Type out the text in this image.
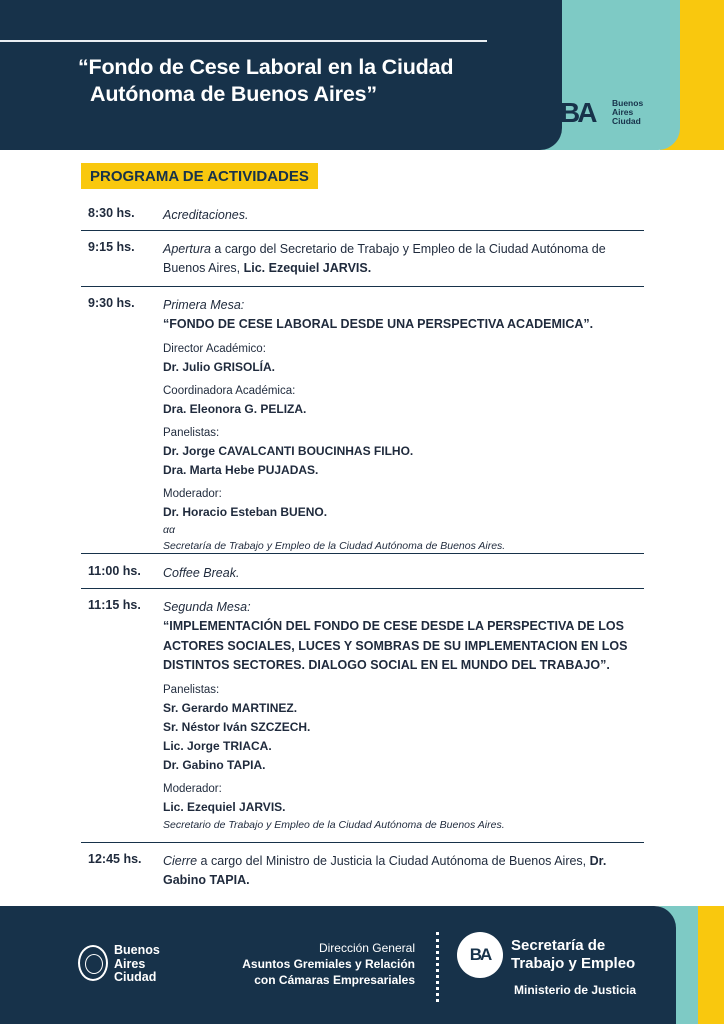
“Fondo de Cese Laboral en la Ciudad
Autónoma de Buenos Aires”
BA Buenos
Aires
Ciudad
PROGRAMA DE ACTIVIDADES
8:30 hs. Acreditaciones.
9:15 hs. Apertura a cargo del Secretario de Trabajo y Empleo de la Ciudad Autónoma de Buenos Aires, Lic. Ezequiel JARVIS.
9:30 hs. Primera Mesa:
“FONDO DE CESE LABORAL DESDE UNA PERSPECTIVA ACADEMICA”.
Director Académico:
Dr. Julio GRISOLÍA.
Coordinadora Académica:
Dra. Eleonora G. PELIZA.
Panelistas:
Dr. Jorge CAVALCANTI BOUCINHAS FILHO.
Dra. Marta Hebe PUJADAS.
Moderador:
Dr. Horacio Esteban BUENO.
αα
Secretaría de Trabajo y Empleo de la Ciudad Autónoma de Buenos Aires.
11:00 hs. Coffee Break.
11:15 hs. Segunda Mesa:
“IMPLEMENTACIÓN DEL FONDO DE CESE DESDE LA PERSPECTIVA DE LOS ACTORES SOCIALES, LUCES Y SOMBRAS DE SU IMPLEMENTACION EN LOS DISTINTOS SECTORES. DIALOGO SOCIAL EN EL MUNDO DEL TRABAJO”.
Panelistas:
Sr. Gerardo MARTINEZ.
Sr. Néstor Iván SZCZECH.
Lic. Jorge TRIACA.
Dr. Gabino TAPIA.
Moderador:
Lic. Ezequiel JARVIS.
Secretario de Trabajo y Empleo de la Ciudad Autónoma de Buenos Aires.
12:45 hs. Cierre a cargo del Ministro de Justicia la Ciudad Autónoma de Buenos Aires, Dr. Gabino TAPIA.
Buenos
Aires
Ciudad
Dirección General
Asuntos Gremiales y Relación
con Cámaras Empresariales
BA	Secretaría de
Trabajo y Empleo
Ministerio de Justicia
